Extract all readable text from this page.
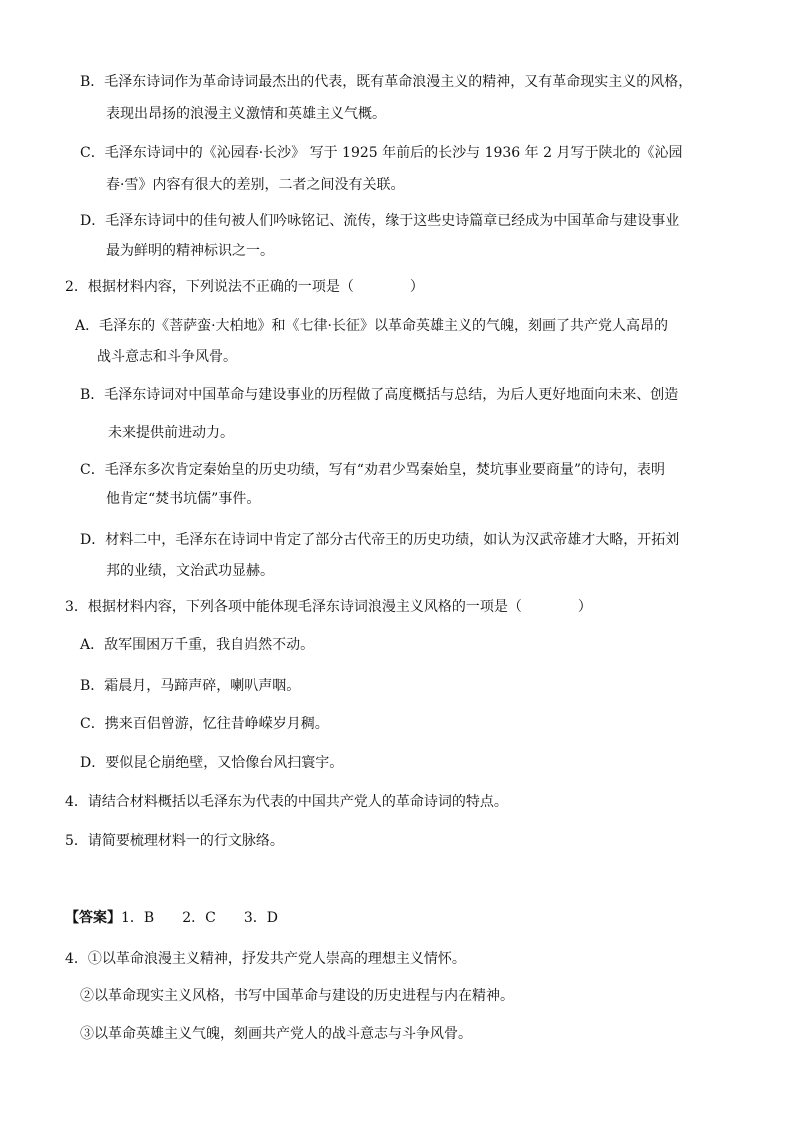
B．毛泽东诗词作为革命诗词最杰出的代表，既有革命浪漫主义的精神，又有革命现实主义的风格，
表现出昂扬的浪漫主义激情和英雄主义气概。
C．毛泽东诗词中的《沁园春·长沙》 写于 1925 年前后的长沙与 1936 年 2 月写于陕北的《沁园
春·雪》内容有很大的差别，二者之间没有关联。
D．毛泽东诗词中的佳句被人们吟咏铭记、流传，缘于这些史诗篇章已经成为中国革命与建设事业
最为鲜明的精神标识之一。
2．根据材料内容，下列说法不正确的一项是（　　　　）
A．毛泽东的《菩萨蛮·大柏地》和《七律·长征》以革命英雄主义的气魄，刻画了共产党人高昂的
战斗意志和斗争风骨。
B．毛泽东诗词对中国革命与建设事业的历程做了高度概括与总结，为后人更好地面向未来、创造
未来提供前进动力。
C．毛泽东多次肯定秦始皇的历史功绩，写有“劝君少骂秦始皇，焚坑事业要商量”的诗句，表明
他肯定“焚书坑儒”事件。
D．材料二中，毛泽东在诗词中肯定了部分古代帝王的历史功绩，如认为汉武帝雄才大略，开拓刘
邦的业绩，文治武功显赫。
3．根据材料内容，下列各项中能体现毛泽东诗词浪漫主义风格的一项是（　　　　）
A．敌军围困万千重，我自岿然不动。
B．霜晨月，马蹄声碎，喇叭声咽。
C．携来百侣曾游，忆往昔峥嵘岁月稠。
D．要似昆仑崩绝壁，又恰像台风扫寰宇。
4．请结合材料概括以毛泽东为代表的中国共产党人的革命诗词的特点。
5．请简要梳理材料一的行文脉络。
【答案】1．B　　2．C　　3．D
4．①以革命浪漫主义精神，抒发共产党人崇高的理想主义情怀。
②以革命现实主义风格，书写中国革命与建设的历史进程与内在精神。
③以革命英雄主义气魄，刻画共产党人的战斗意志与斗争风骨。
